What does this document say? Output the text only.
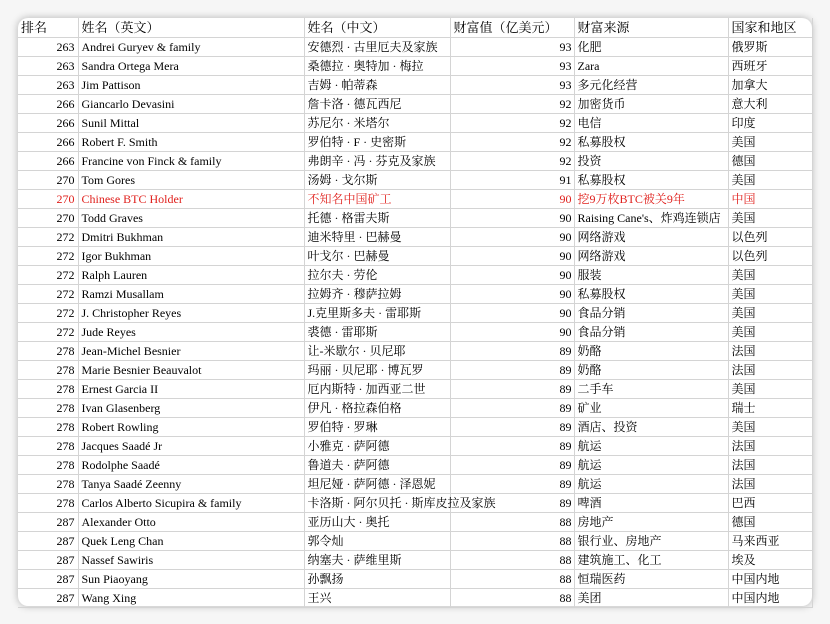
排名	姓名（英文）	姓名（中文）	财富值（亿美元）	财富来源	国家和地区
263	Andrei Guryev & family	安德烈 · 古里厄夫及家族	93	化肥	俄罗斯
263	Sandra Ortega Mera	桑德拉 · 奥特加 · 梅拉	93	Zara	西班牙
263	Jim Pattison	吉姆 · 帕蒂森	93	多元化经营	加拿大
266	Giancarlo Devasini	詹卡洛 · 德瓦西尼	92	加密货币	意大利
266	Sunil Mittal	苏尼尔 · 米塔尔	92	电信	印度
266	Robert F. Smith	罗伯特 · F · 史密斯	92	私募股权	美国
266	Francine von Finck & family	弗朗辛 · 冯 · 芬克及家族	92	投资	德国
270	Tom Gores	汤姆 · 戈尔斯	91	私募股权	美国
270	Chinese BTC Holder	不知名中国矿工	90	挖9万枚BTC被关9年	中国
270	Todd Graves	托德 · 格雷夫斯	90	Raising Cane's、炸鸡连锁店	美国
272	Dmitri Bukhman	迪米特里 · 巴赫曼	90	网络游戏	以色列
272	Igor Bukhman	叶戈尔 · 巴赫曼	90	网络游戏	以色列
272	Ralph Lauren	拉尔夫 · 劳伦	90	服装	美国
272	Ramzi Musallam	拉姆齐 · 穆萨拉姆	90	私募股权	美国
272	J. Christopher Reyes	J.克里斯多夫 · 雷耶斯	90	食品分销	美国
272	Jude Reyes	裘德 · 雷耶斯	90	食品分销	美国
278	Jean-Michel Besnier	让-米歇尔 · 贝尼耶	89	奶酪	法国
278	Marie Besnier Beauvalot	玛丽 · 贝尼耶 · 博瓦罗	89	奶酪	法国
278	Ernest Garcia II	厄内斯特 · 加西亚二世	89	二手车	美国
278	Ivan Glasenberg	伊凡 · 格拉森伯格	89	矿业	瑞士
278	Robert Rowling	罗伯特 · 罗琳	89	酒店、投资	美国
278	Jacques Saadé Jr	小雅克 · 萨阿德	89	航运	法国
278	Rodolphe Saadé	鲁道夫 · 萨阿德	89	航运	法国
278	Tanya Saadé Zeenny	坦尼娅 · 萨阿德 · 泽恩妮	89	航运	法国
278	Carlos Alberto Sicupira & family	卡洛斯 · 阿尔贝托 · 斯库皮拉及家族	89	啤酒	巴西
287	Alexander Otto	亚历山大 · 奥托	88	房地产	德国
287	Quek Leng Chan	郭令灿	88	银行业、房地产	马来西亚
287	Nassef Sawiris	纳塞夫 · 萨维里斯	88	建筑施工、化工	埃及
287	Sun Piaoyang	孙飘扬	88	恒瑞医药	中国内地
287	Wang Xing	王兴	88	美团	中国内地
